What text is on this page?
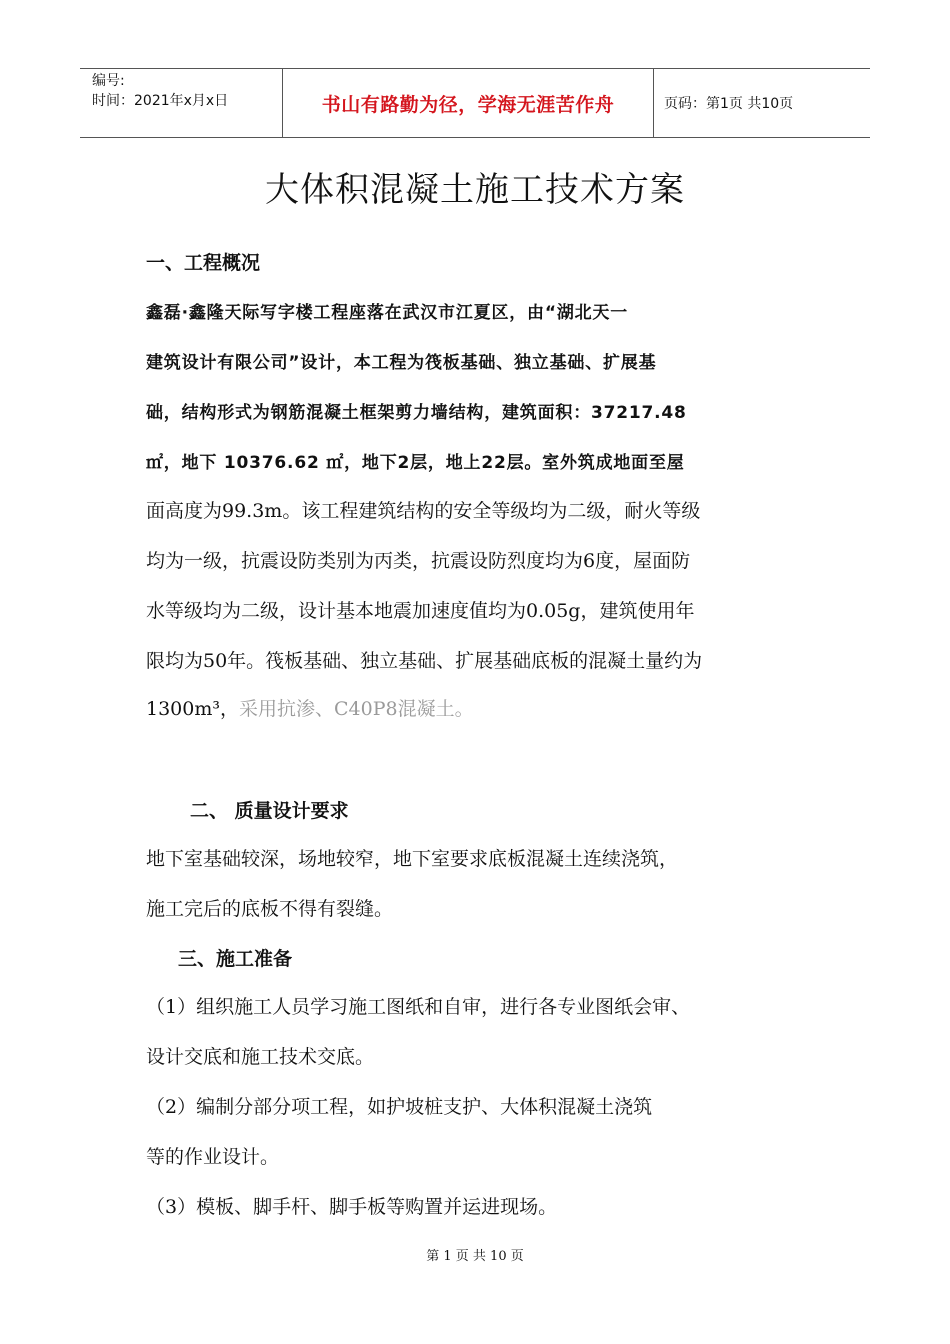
编号:
时间：2021年x月x日	书山有路勤为径，学海无涯苦作舟	页码：第1页 共10页
大体积混凝土施工技术方案
一、工程概况
鑫磊·鑫隆天际写字楼工程座落在武汉市江夏区，由“湖北天一
建筑设计有限公司”设计，本工程为筏板基础、独立基础、扩展基
础，结构形式为钢筋混凝土框架剪力墙结构，建筑面积：37217.48
㎡，地下 10376.62 ㎡，地下2层，地上22层。室外筑成地面至屋
面高度为99.3m。该工程建筑结构的安全等级均为二级，耐火等级
均为一级，抗震设防类别为丙类，抗震设防烈度均为6度，屋面防
水等级均为二级，设计基本地震加速度值均为0.05g，建筑使用年
限均为50年。筏板基础、独立基础、扩展基础底板的混凝土量约为
1300m³，采用抗渗、C40P8混凝土。
二、 质量设计要求
地下室基础较深，场地较窄，地下室要求底板混凝土连续浇筑，
施工完后的底板不得有裂缝。
三、施工准备
（1）组织施工人员学习施工图纸和自审，进行各专业图纸会审、
设计交底和施工技术交底。
（2）编制分部分项工程，如护坡桩支护、大体积混凝土浇筑
等的作业设计。
（3）模板、脚手杆、脚手板等购置并运进现场。
第 1 页 共 10 页
